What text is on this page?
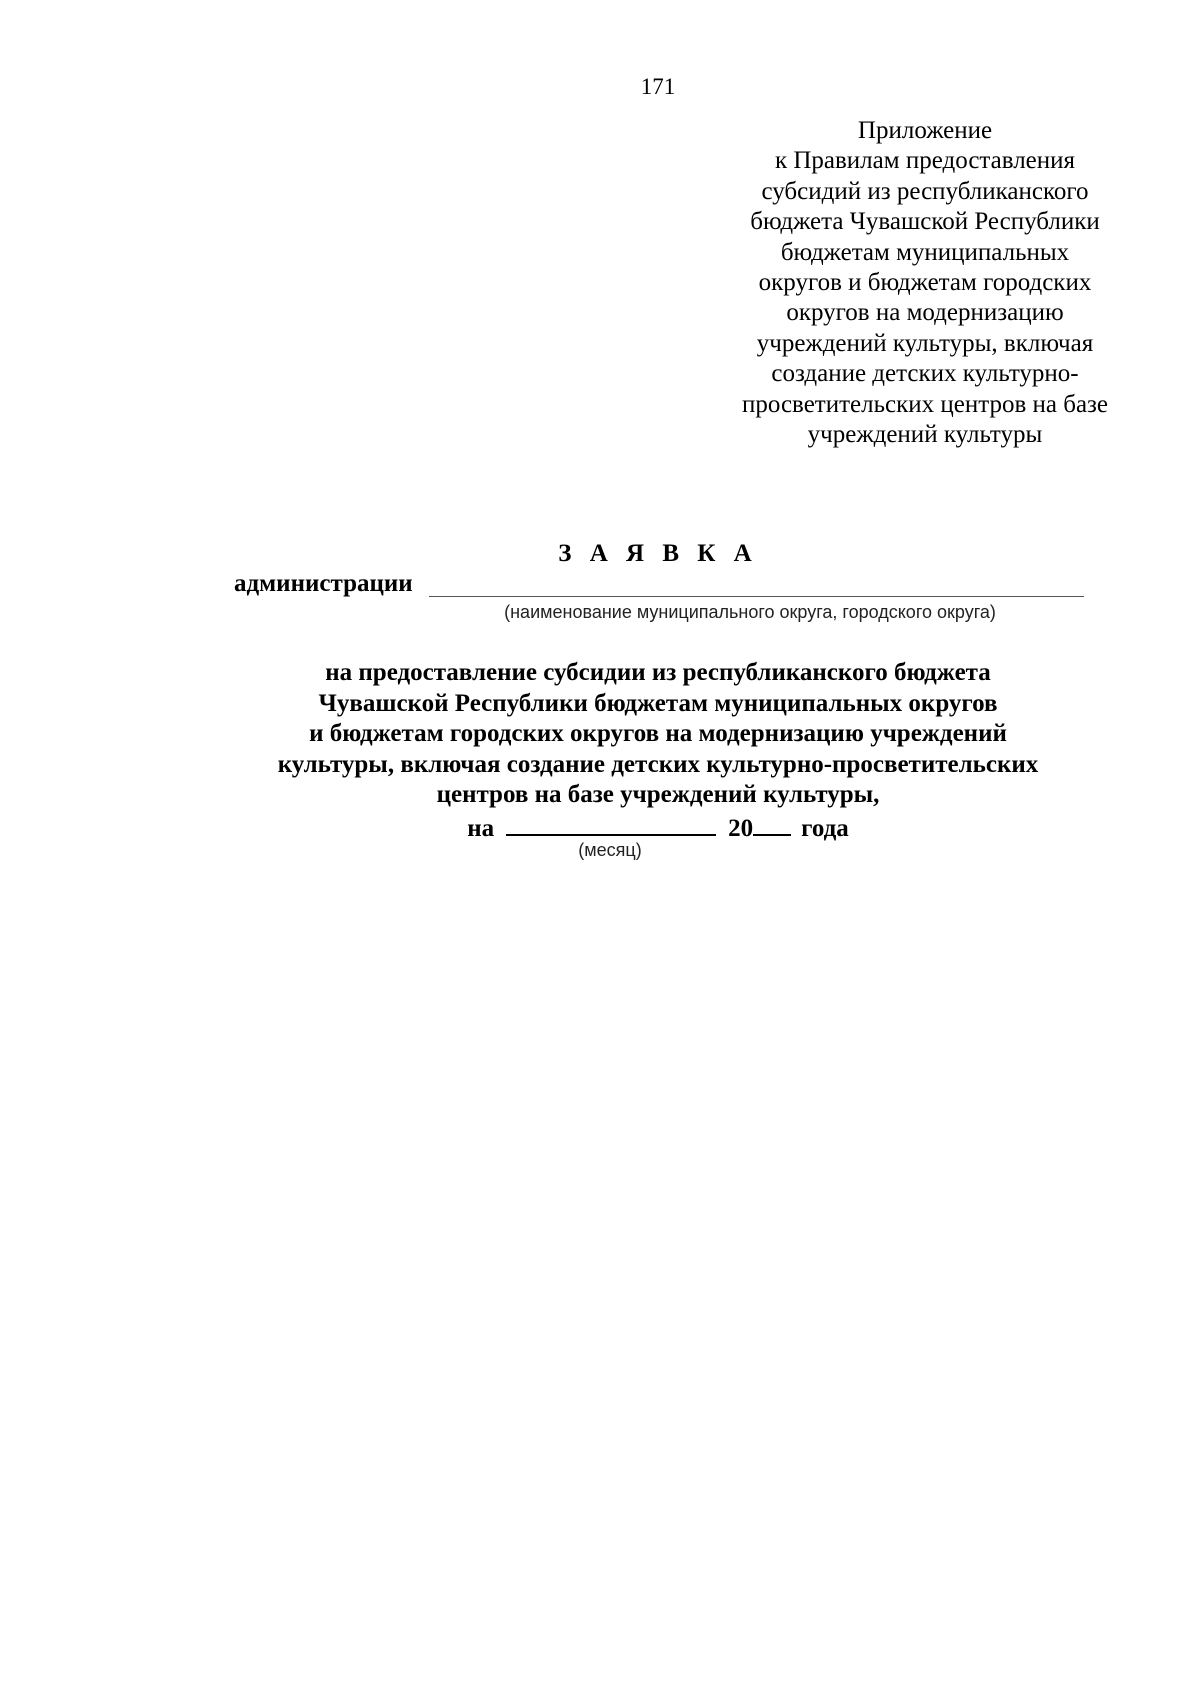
171
Приложение
к Правилам предоставления
субсидий из республиканского
бюджета Чувашской Республики
бюджетам муниципальных
округов и бюджетам городских
округов на модернизацию
учреждений культуры, включая
создание детских культурно-
просветительских центров на базе
учреждений культуры
З А Я В К А
администрации
(наименование муниципального округа, городского округа)
на предоставление субсидии из республиканского бюджета
Чувашской Республики бюджетам муниципальных округов
и бюджетам городских округов на модернизацию учреждений
культуры, включая создание детских культурно-просветительских
центров на базе учреждений культуры,
на	20 года
(месяц)
